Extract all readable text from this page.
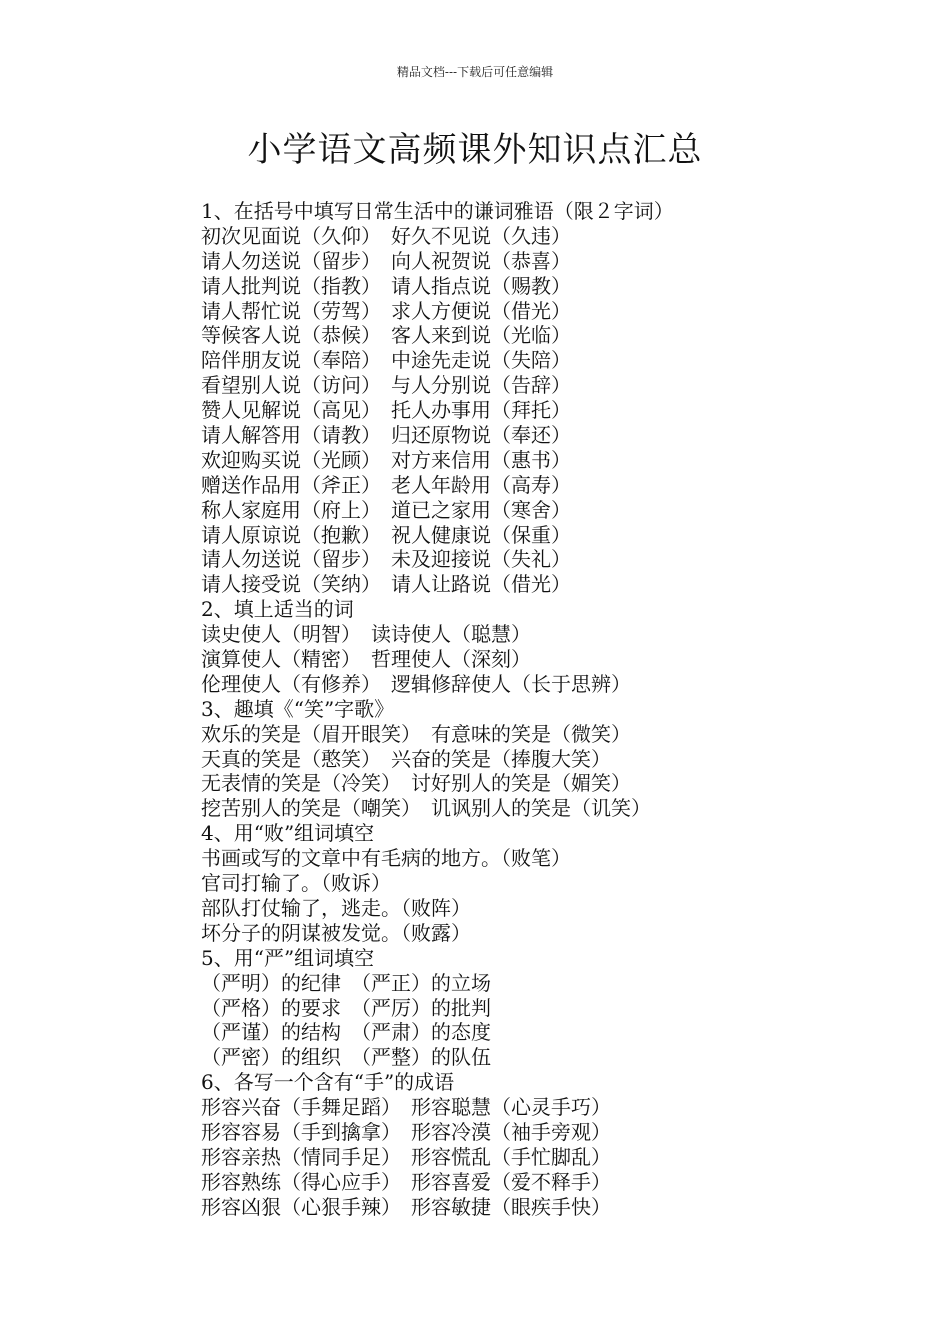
精品文档---下载后可任意编辑
小学语文高频课外知识点汇总
1、在括号中填写日常生活中的谦词雅语（限２字词）
初次见面说（久仰）　好久不见说（久违）
请人勿送说（留步）　向人祝贺说（恭喜）
请人批判说（指教）　请人指点说（赐教）
请人帮忙说（劳驾）　求人方便说（借光）
等候客人说（恭候）　客人来到说（光临）
陪伴朋友说（奉陪）　中途先走说（失陪）
看望别人说（访问）　与人分别说（告辞）
赞人见解说（高见）　托人办事用（拜托）
请人解答用（请教）　归还原物说（奉还）
欢迎购买说（光顾）　对方来信用（惠书）
赠送作品用（斧正）　老人年龄用（高寿）
称人家庭用（府上）　道已之家用（寒舍）
请人原谅说（抱歉）　祝人健康说（保重）
请人勿送说（留步）　未及迎接说（失礼）
请人接受说（笑纳）　请人让路说（借光）
2、填上适当的词
读史使人（明智）　读诗使人（聪慧）
演算使人（精密）　哲理使人（深刻）
伦理使人（有修养）　逻辑修辞使人（长于思辨）
3、趣填《“笑”字歌》
欢乐的笑是（眉开眼笑）　有意味的笑是（微笑）
天真的笑是（憨笑）　兴奋的笑是（捧腹大笑）
无表情的笑是（冷笑）　讨好别人的笑是（媚笑）
挖苦别人的笑是（嘲笑）　讥讽别人的笑是（讥笑）
4、用“败”组词填空
书画或写的文章中有毛病的地方。（败笔）
官司打输了。（败诉）
部队打仗输了，逃走。（败阵）
坏分子的阴谋被发觉。（败露）
5、用“严”组词填空
（严明）的纪律　（严正）的立场
（严格）的要求　（严厉）的批判
（严谨）的结构　（严肃）的态度
（严密）的组织　（严整）的队伍
6、各写一个含有“手”的成语
形容兴奋（手舞足蹈）　形容聪慧（心灵手巧）
形容容易（手到擒拿）　形容冷漠（袖手旁观）
形容亲热（情同手足）　形容慌乱（手忙脚乱）
形容熟练（得心应手）　形容喜爱（爱不释手）
形容凶狠（心狠手辣）　形容敏捷（眼疾手快）
